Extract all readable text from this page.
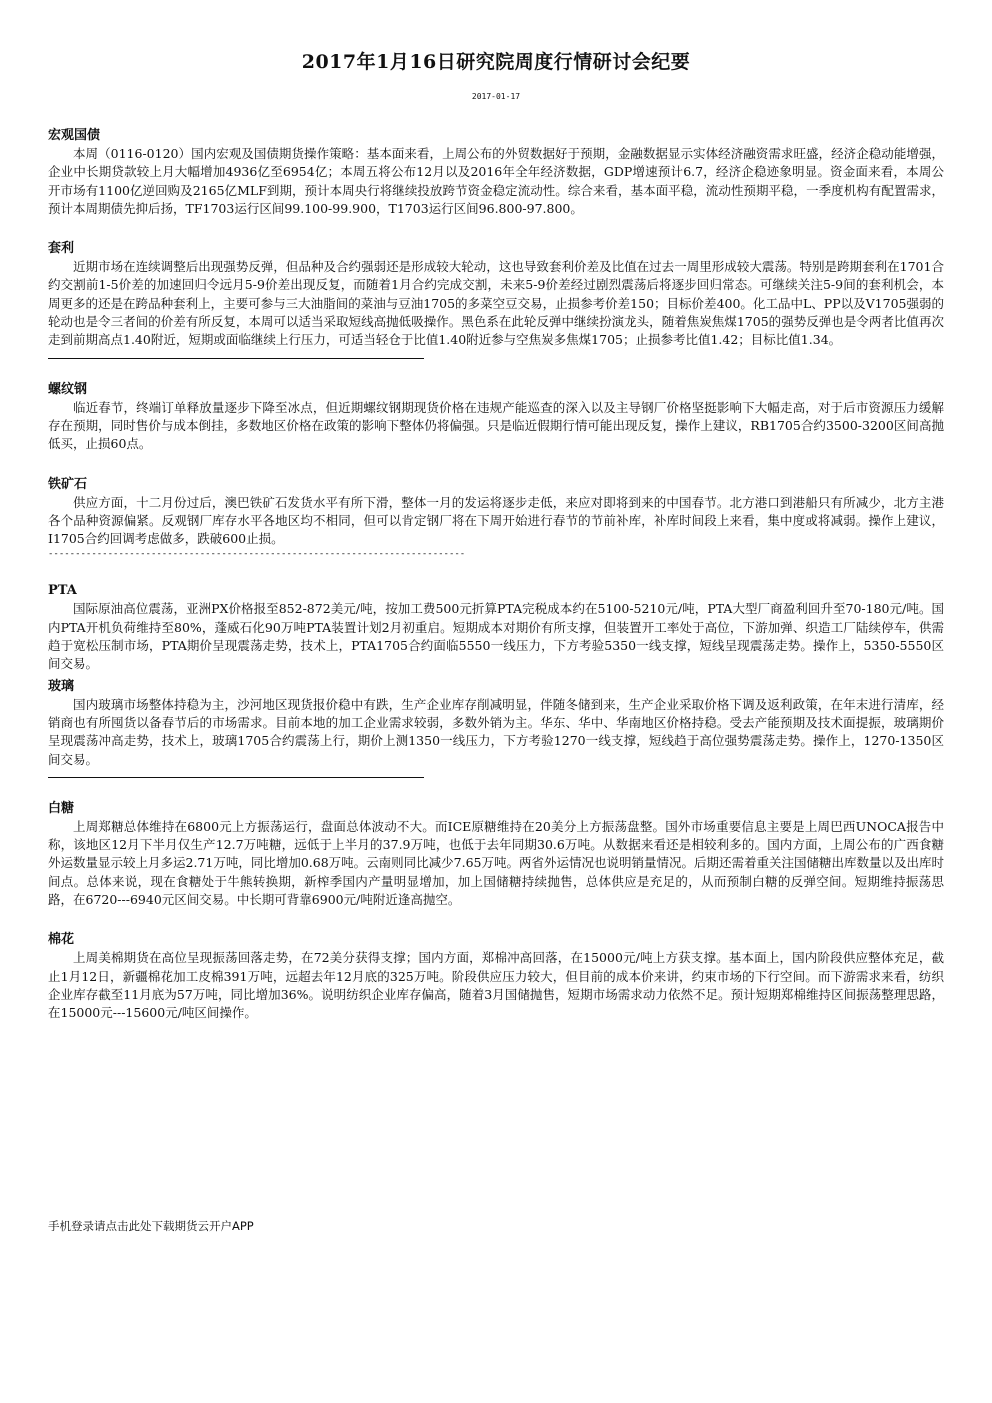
2017年1月16日研究院周度行情研讨会纪要
2017-01-17
宏观国债

本周（0116-0120）国内宏观及国债期货操作策略：基本面来看，上周公布的外贸数据好于预期，金融数据显示实体经济融资需求旺盛，经济企稳动能增强，企业中长期贷款较上月大幅增加4936亿至6954亿；本周五将公布12月以及2016年全年经济数据，GDP增速预计6.7，经济企稳迹象明显。资金面来看，本周公开市场有1100亿逆回购及2165亿MLF到期，预计本周央行将继续投放跨节资金稳定流动性。综合来看，基本面平稳，流动性预期平稳，一季度机构有配置需求，预计本周期债先抑后扬，TF1703运行区间99.100-99.900，T1703运行区间96.800-97.800。

套利

近期市场在连续调整后出现强势反弹，但品种及合约强弱还是形成较大轮动，这也导致套利价差及比值在过去一周里形成较大震荡。特别是跨期套利在1701合约交割前1-5价差的加速回归令远月5-9价差出现反复，而随着1月合约完成交割，未来5-9价差经过剧烈震荡后将逐步回归常态。可继续关注5-9间的套利机会，本周更多的还是在跨品种套利上，主要可参与三大油脂间的菜油与豆油1705的多菜空豆交易，止损参考价差150；目标价差400。化工品中L、PP以及V1705强弱的轮动也是令三者间的价差有所反复，本周可以适当采取短线高抛低吸操作。黑色系在此轮反弹中继续扮演龙头，随着焦炭焦煤1705的强势反弹也是令两者比值再次走到前期高点1.40附近，短期或面临继续上行压力，可适当轻仓于比值1.40附近参与空焦炭多焦煤1705；止损参考比值1.42；目标比值1.34。

螺纹钢

临近春节，终端订单释放量逐步下降至冰点，但近期螺纹钢期现货价格在违规产能巡查的深入以及主导钢厂价格坚挺影响下大幅走高，对于后市资源压力缓解存在预期，同时售价与成本倒挂，多数地区价格在政策的影响下整体仍将偏强。只是临近假期行情可能出现反复，操作上建议，RB1705合约3500-3200区间高抛低买，止损60点。

铁矿石

供应方面，十二月份过后，澳巴铁矿石发货水平有所下滑，整体一月的发运将逐步走低，来应对即将到来的中国春节。北方港口到港船只有所减少，北方主港各个品种资源偏紧。反观钢厂库存水平各地区均不相同，但可以肯定钢厂将在下周开始进行春节的节前补库，补库时间段上来看，集中度或将减弱。操作上建议，I1705合约回调考虑做多，跌破600止损。

-----------------------------------------------------------------------------
PTA

国际原油高位震荡，亚洲PX价格报至852-872美元/吨，按加工费500元折算PTA完税成本约在5100-5210元/吨，PTA大型厂商盈利回升至70-180元/吨。国内PTA开机负荷维持至80%，蓬威石化90万吨PTA装置计划2月初重启。短期成本对期价有所支撑，但装置开工率处于高位，下游加弹、织造工厂陆续停车，供需趋于宽松压制市场，PTA期价呈现震荡走势，技术上，PTA1705合约面临5550一线压力，下方考验5350一线支撑，短线呈现震荡走势。操作上，5350-5550区间交易。

玻璃

国内玻璃市场整体持稳为主，沙河地区现货报价稳中有跌，生产企业库存削减明显，伴随冬储到来，生产企业采取价格下调及返利政策，在年末进行清库，经销商也有所囤货以备春节后的市场需求。目前本地的加工企业需求较弱，多数外销为主。华东、华中、华南地区价格持稳。受去产能预期及技术面提振，玻璃期价呈现震荡冲高走势，技术上，玻璃1705合约震荡上行，期价上测1350一线压力，下方考验1270一线支撑，短线趋于高位强势震荡走势。操作上，1270-1350区间交易。

白糖

上周郑糖总体维持在6800元上方振荡运行，盘面总体波动不大。而ICE原糖维持在20美分上方振荡盘整。国外市场重要信息主要是上周巴西UNOCA报告中称，该地区12月下半月仅生产12.7万吨糖，远低于上半月的37.9万吨，也低于去年同期30.6万吨。从数据来看还是相较利多的。国内方面，上周公布的广西食糖外运数量显示较上月多运2.71万吨，同比增加0.68万吨。云南则同比减少7.65万吨。两省外运情况也说明销量情况。后期还需着重关注国储糖出库数量以及出库时间点。总体来说，现在食糖处于牛熊转换期，新榨季国内产量明显增加，加上国储糖持续抛售，总体供应是充足的，从而预制白糖的反弹空间。短期维持振荡思路，在6720---6940元区间交易。中长期可背靠6900元/吨附近逢高抛空。

棉花

上周美棉期货在高位呈现振荡回落走势，在72美分获得支撑；国内方面，郑棉冲高回落，在15000元/吨上方获支撑。基本面上，国内阶段供应整体充足，截止1月12日，新疆棉花加工皮棉391万吨，远超去年12月底的325万吨。阶段供应压力较大，但目前的成本价来讲，约束市场的下行空间。而下游需求来看，纺织企业库存截至11月底为57万吨，同比增加36%。说明纺织企业库存偏高，随着3月国储抛售，短期市场需求动力依然不足。预计短期郑棉维持区间振荡整理思路，在15000元---15600元/吨区间操作。

手机登录请点击此处下载期货云开户APP
